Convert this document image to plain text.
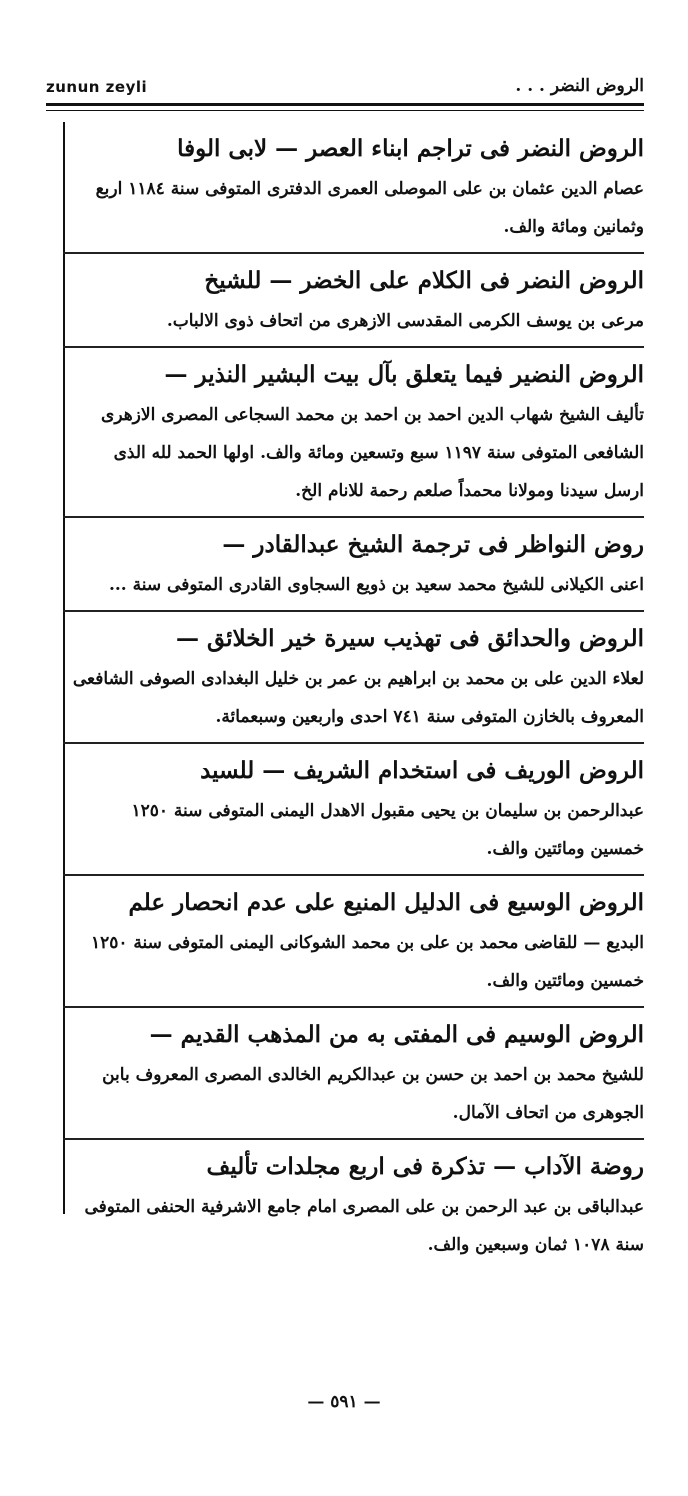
zunun zeyli	الروض النضر . . .
الروض النضر فى تراجم ابناء العصر — لابى الوفا
عصام الدين عثمان بن على الموصلى العمرى الدفترى المتوفى سنة ١١٨٤ اربع وثمانين ومائة والف.
الروض النضر فى الكلام على الخضر — للشيخ
مرعى بن يوسف الكرمى المقدسى الازهرى من اتحاف ذوى الالباب.
الروض النضير فيما يتعلق بآل بيت البشير النذير —
تأليف الشيخ شهاب الدين احمد بن احمد بن محمد السجاعى المصرى الازهرى الشافعى المتوفى سنة ١١٩٧ سبع وتسعين ومائة والف. اولها الحمد لله الذى ارسل سيدنا ومولانا محمداً صلعم رحمة للانام الخ.
روض النواظر فى ترجمة الشيخ عبدالقادر —
اعنى الكيلانى للشيخ محمد سعيد بن ذويع السجاوى القادرى المتوفى سنة ...
الروض والحدائق فى تهذيب سيرة خير الخلائق —
لعلاء الدين على بن محمد بن ابراهيم بن عمر بن خليل البغدادى الصوفى الشافعى المعروف بالخازن المتوفى سنة ٧٤١ احدى واربعين وسبعمائة.
الروض الوريف فى استخدام الشريف — للسيد
عبدالرحمن بن سليمان بن يحيى مقبول الاهدل اليمنى المتوفى سنة ١٢٥٠ خمسين ومائتين والف.
الروض الوسيع فى الدليل المنيع على عدم انحصار علم
البديع — للقاضى محمد بن على بن محمد الشوكانى اليمنى المتوفى سنة ١٢٥٠ خمسين ومائتين والف.
الروض الوسيم فى المفتى به من المذهب القديم —
للشيخ محمد بن احمد بن حسن بن عبدالكريم الخالدى المصرى المعروف بابن الجوهرى من اتحاف الآمال.
روضة الآداب — تذكرة فى اربع مجلدات تأليف
عبدالباقى بن عبد الرحمن بن على المصرى امام جامع الاشرفية الحنفى المتوفى سنة ١٠٧٨ ثمان وسبعين والف.
— ٥٩١ —
